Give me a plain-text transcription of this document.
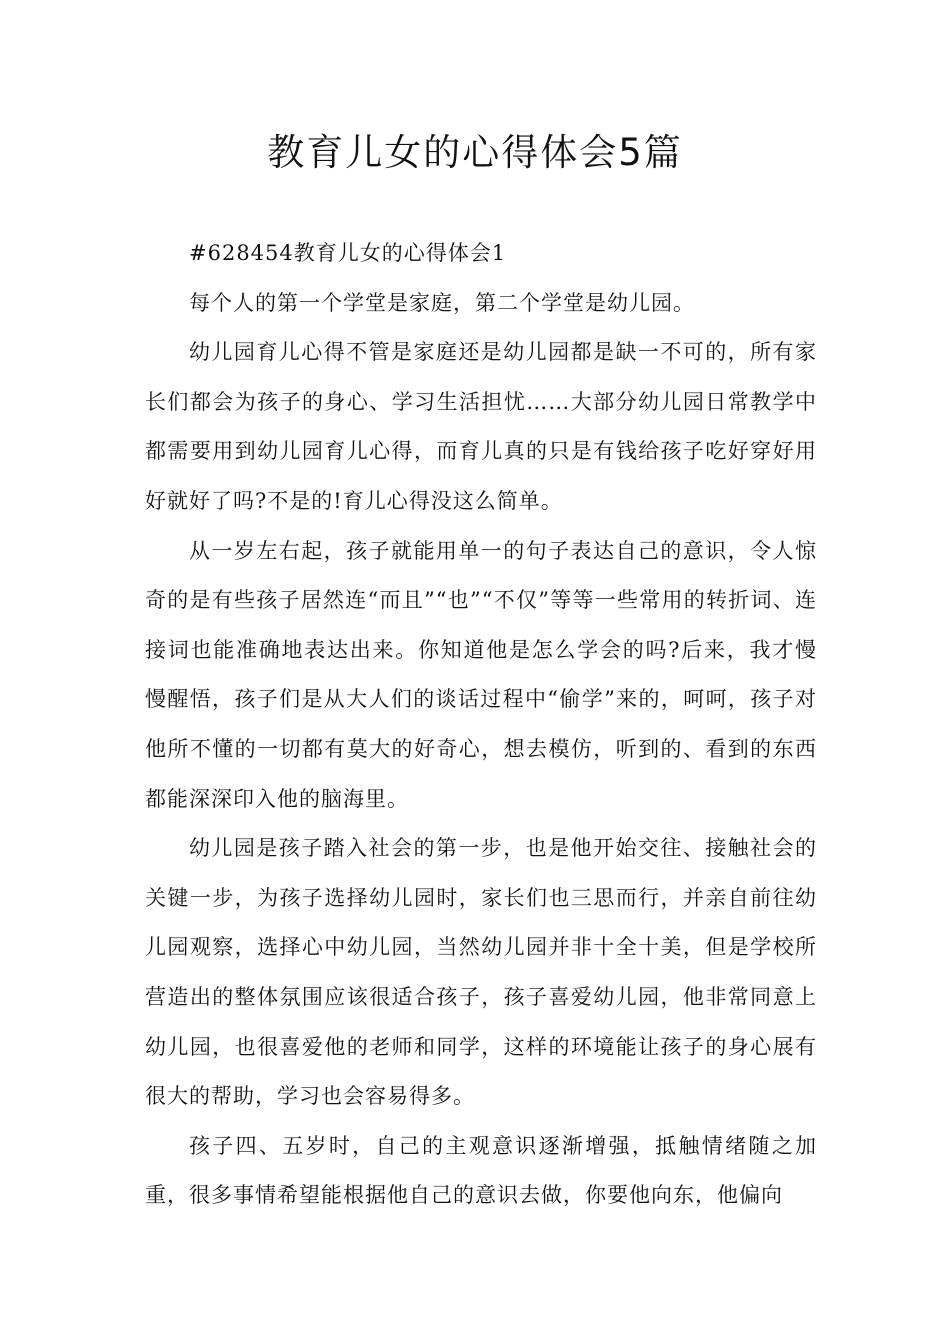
教育儿女的心得体会5篇

#628454教育儿女的心得体会1

每个人的第一个学堂是家庭，第二个学堂是幼儿园。

幼儿园育儿心得不管是家庭还是幼儿园都是缺一不可的，所有家长们都会为孩子的身心、学习生活担忧……大部分幼儿园日常教学中都需要用到幼儿园育儿心得，而育儿真的只是有钱给孩子吃好穿好用好就好了吗?不是的!育儿心得没这么简单。

从一岁左右起，孩子就能用单一的句子表达自己的意识，令人惊奇的是有些孩子居然连“而且”“也”“不仅”等等一些常用的转折词、连接词也能准确地表达出来。你知道他是怎么学会的吗?后来，我才慢慢醒悟，孩子们是从大人们的谈话过程中“偷学”来的，呵呵，孩子对他所不懂的一切都有莫大的好奇心，想去模仿，听到的、看到的东西都能深深印入他的脑海里。

幼儿园是孩子踏入社会的第一步，也是他开始交往、接触社会的关键一步，为孩子选择幼儿园时，家长们也三思而行，并亲自前往幼儿园观察，选择心中幼儿园，当然幼儿园并非十全十美，但是学校所营造出的整体氛围应该很适合孩子，孩子喜爱幼儿园，他非常同意上幼儿园，也很喜爱他的老师和同学，这样的环境能让孩子的身心展有很大的帮助，学习也会容易得多。

孩子四、五岁时，自己的主观意识逐渐增强，抵触情绪随之加重，很多事情希望能根据他自己的意识去做，你要他向东，他偏向
